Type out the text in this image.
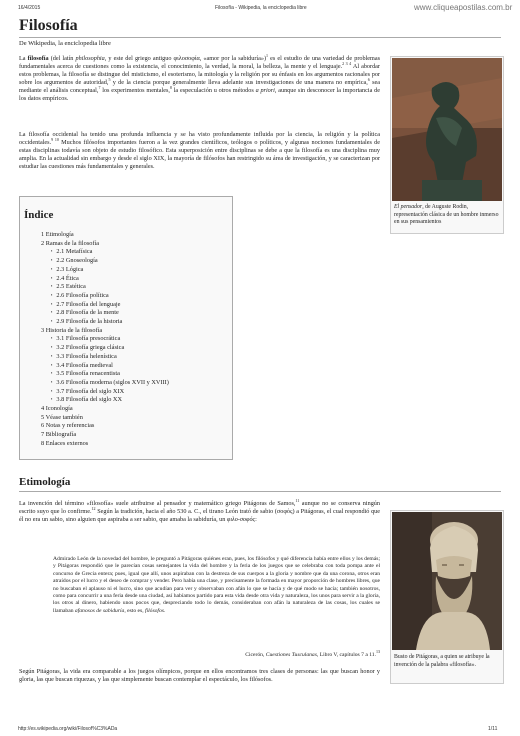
16/4/2015	Filosofía - Wikipedia, la enciclopedia libre	www.cliqueapostilas.com.br
Filosofía
De Wikipedia, la enciclopedia libre

La filosofía (del latín philosophia, y este del griego antiguo φιλοσοφία, «amor por la sabiduría»)$^1$ es el estudio de una variedad de problemas fundamentales acerca de cuestiones como la existencia, el conocimiento, la verdad, la moral, la belleza, la mente y el lenguaje.$^{2 3 4}$ Al abordar estos problemas, la filosofía se distingue del misticismo, el esoterismo, la mitología y la religión por su énfasis en los argumentos racionales por sobre los argumentos de autoridad,$^5$ y de la ciencia porque generalmente lleva adelante sus investigaciones de una manera no empírica,$^6$ sea mediante el análisis conceptual,$^7$ los experimentos mentales,$^8$ la especulación u otros métodos a priori, aunque sin desconocer la importancia de los datos empíricos.

La filosofía occidental ha tenido una profunda influencia y se ha visto profundamente influida por la ciencia, la religión y la política occidentales.$^{9 10}$ Muchos filósofos importantes fueron a la vez grandes científicos, teólogos o políticos, y algunas nociones fundamentales de estas disciplinas todavía son objeto de estudio filosófico. Esta superposición entre disciplinas se debe a que la filosofía es una disciplina muy amplia. En la actualidad sin embargo y desde el siglo XIX, la mayoría de filósofos han restringido su área de investigación, y se caracterizan por estudiar las cuestiones más fundamentales y generales.

El pensador, de Auguste Rodin, representación clásica de un hombre inmerso en sus pensamientos
Índice
1 Etimología
2 Ramas de la filosofía
▪ 2.1 Metafísica
▪ 2.2 Gnoseología
▪ 2.3 Lógica
▪ 2.4 Ética
▪ 2.5 Estética
▪ 2.6 Filosofía política
▪ 2.7 Filosofía del lenguaje
▪ 2.8 Filosofía de la mente
▪ 2.9 Filosofía de la historia
3 Historia de la filosofía
▪ 3.1 Filosofía presocrática
▪ 3.2 Filosofía griega clásica
▪ 3.3 Filosofía helenística
▪ 3.4 Filosofía medieval
▪ 3.5 Filosofía renacentista
▪ 3.6 Filosofía moderna (siglos XVII y XVIII)
▪ 3.7 Filosofía del siglo XIX
▪ 3.8 Filosofía del siglo XX
4 Iconología
5 Véase también
6 Notas y referencias
7 Bibliografía
8 Enlaces externos
Etimología

La invención del término «filosofía» suele atribuirse al pensador y matemático griego Pitágoras de Samos,$^{11}$ aunque no se conserva ningún escrito suyo que lo confirme.$^{12}$ Según la tradición, hacia el año 530 a. C., el tirano León trató de sabio (σοφός) a Pitágoras, el cual respondió que él no era un sabio, sino alguien que aspiraba a ser sabio, que amaba la sabiduría, un φιλο-σοφός:

Admirado León de la novedad del hombre, le preguntó a Pitágoras quiénes eran, pues, los filósofos y qué diferencia había entre ellos y los demás; y Pitágoras respondió que le parecían cosas semejantes la vida del hombre y la feria de los juegos que se celebraba con toda pompa ante el concurso de Grecia entera; pues, igual que allí, unos aspiraban con la destreza de sus cuerpos a la gloria y nombre que da una corona, otros eran atraídos por el lucro y el deseo de comprar y vender. Pero había una clase, y precisamente la formada en mayor proporción de hombres libres, que no buscaban el aplauso ni el lucro, sino que acudían para ver y observaban con afán lo que se hacía y de qué modo se hacía; también nosotros, como para concurrir a una feria desde una ciudad, así habíamos partido para esta vida desde otra vida y naturaleza, los unos para servir a la gloria, los otros al dinero, habiendo unos pocos que, despreciando todo lo demás, consideraban con afán la naturaleza de las cosas, los cuales se llamaban afanosos de sabiduría, esto es, filósofos.

Cicerón, Cuestiones Tusculanas, Libro V, capítulos 7 a 11.13

Según Pitágoras, la vida era comparable a los juegos olímpicos, porque en ellos encontramos tres clases de personas: las que buscan honor y gloria, las que buscan riquezas, y las que simplemente buscan contemplar el espectáculo, los filósofos.

Busto de Pitágoras, a quien se atribuye la invención de la palabra «filosofía».
http://es.wikipedia.org/wiki/Filosof%C3%ADa	1/11
